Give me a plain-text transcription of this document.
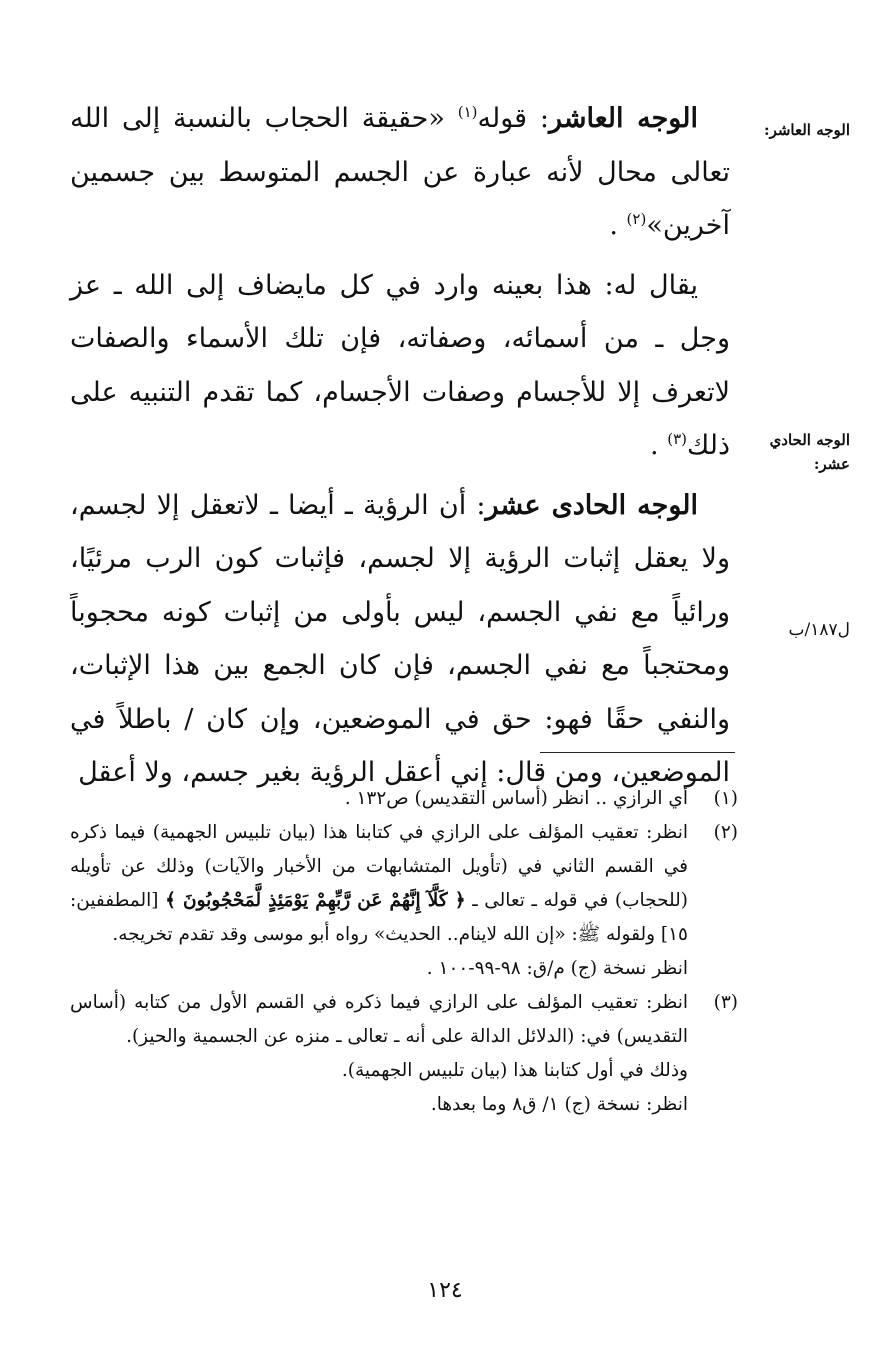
الوجه العاشر:
الوجه الحادي عشر:
ل١٨٧/ب

الوجه العاشر: قوله$^{(١)}$ «حقيقة الحجاب بالنسبة إلى الله تعالى محال لأنه عبارة عن الجسم المتوسط بين جسمين آخرين»$^{(٢)}$ .

يقال له: هذا بعينه وارد في كل مايضاف إلى الله ـ عز وجل ـ من أسمائه، وصفاته، فإن تلك الأسماء والصفات لاتعرف إلا للأجسام وصفات الأجسام، كما تقدم التنبيه على ذلك$^{(٣)}$ .

الوجه الحادى عشر: أن الرؤية ـ أيضا ـ لاتعقل إلا لجسم، ولا يعقل إثبات الرؤية إلا لجسم، فإثبات كون الرب مرئيًا، ورائياً مع نفي الجسم، ليس بأولى من إثبات كونه محجوباً ومحتجباً مع نفي الجسم، فإن كان الجمع بين هذا الإثبات، والنفي حقًا فهو: حق في الموضعين، وإن كان / باطلاً في الموضعين، ومن قال: إني أعقل الرؤية بغير جسم، ولا أعقل

(١)
أي الرازي .. انظر (أساس التقديس) ص١٣٢ .
(٢)
انظر: تعقيب المؤلف على الرازي في كتابنا هذا (بيان تلبيس الجهمية) فيما ذكره في القسم الثاني في (تأويل المتشابهات من الأخبار والآيات) وذلك عن تأويله (للحجاب) في قوله ـ تعالى ـ ﴿ كَلَّآ إِنَّهُمْ عَن رَّبِّهِمْ يَوْمَئِذٍ لَّمَحْجُوبُونَ ﴾ [المطففين: ١٥] ولقوله ﷺ: «إن الله لاينام.. الحديث» رواه أبو موسى وقد تقدم تخريجه.
انظر نسخة (ج) م/ق: ٩٨-٩٩-١٠٠ .
(٣)
انظر: تعقيب المؤلف على الرازي فيما ذكره في القسم الأول من كتابه (أساس التقديس) في: (الدلائل الدالة على أنه ـ تعالى ـ منزه عن الجسمية والحيز).
وذلك في أول كتابنا هذا (بيان تلبيس الجهمية).
انظر: نسخة (ج) ١/ ق٨ وما بعدها.
١٢٤
